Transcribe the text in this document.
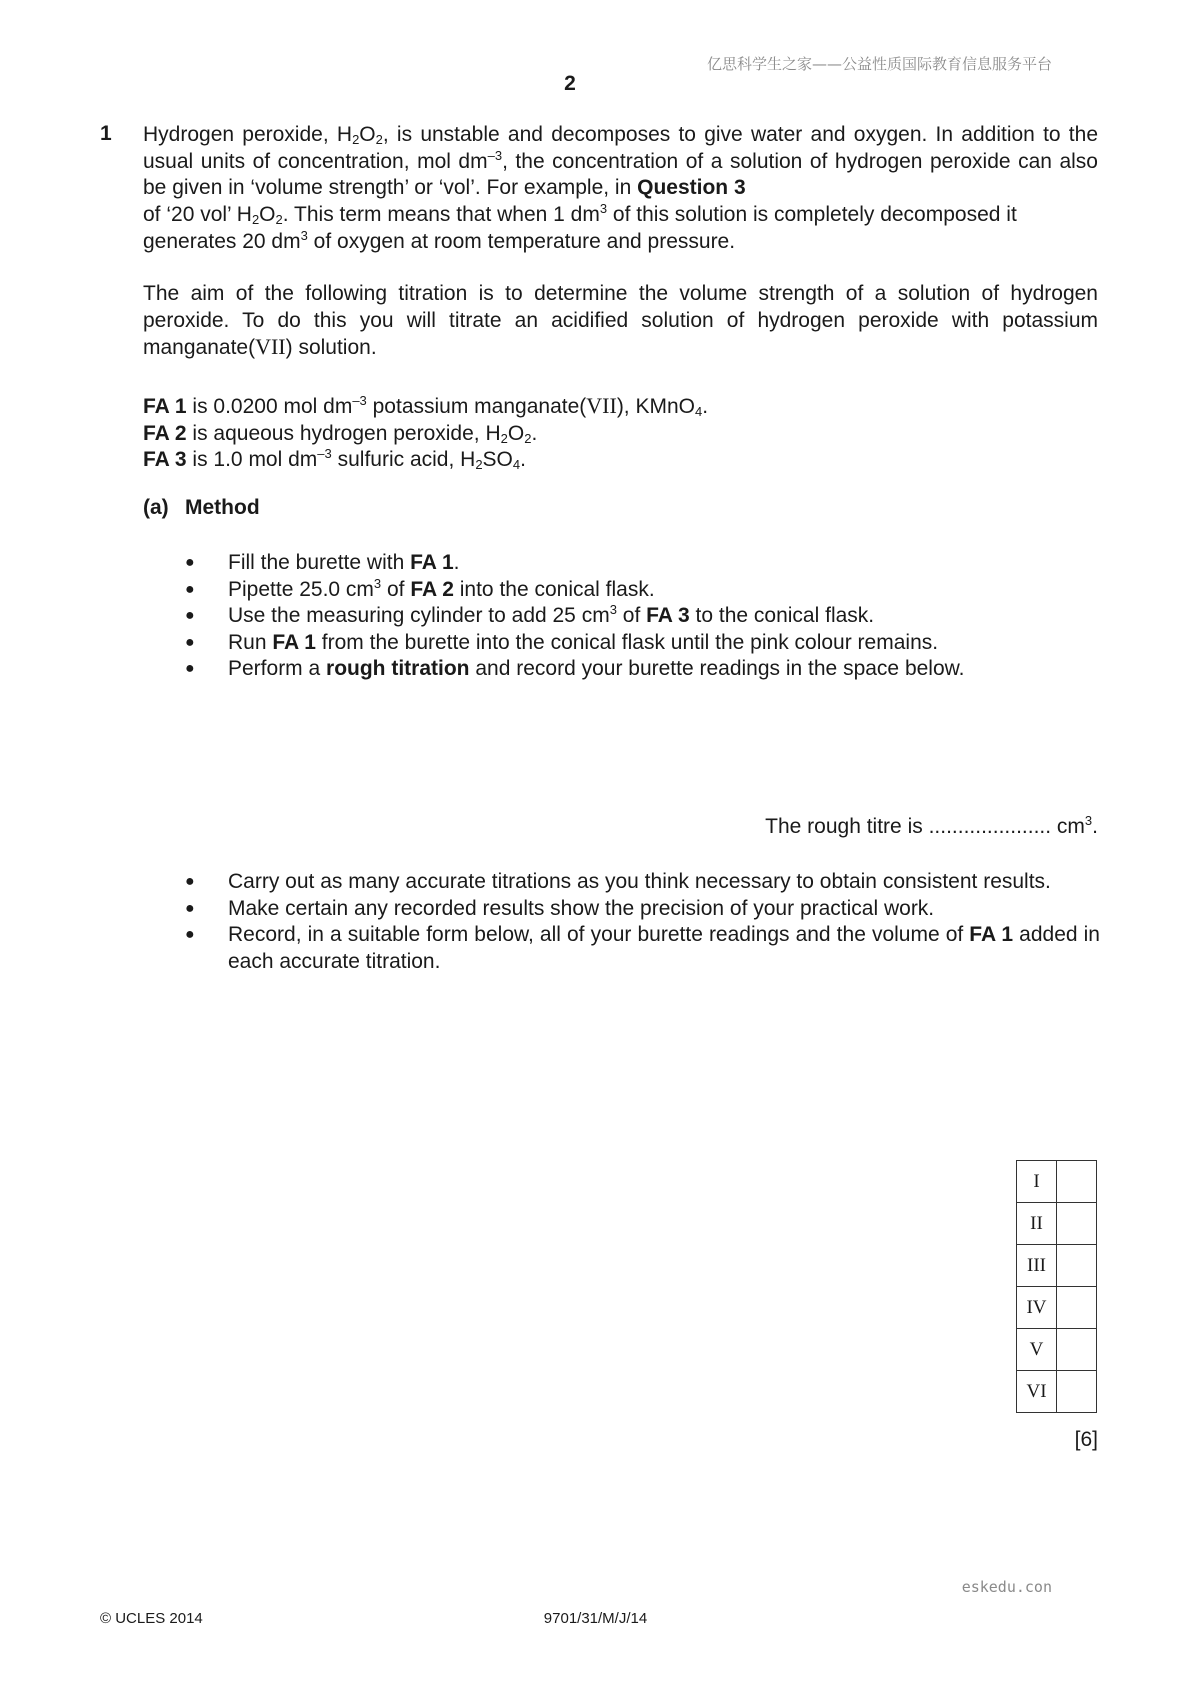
亿思科学生之家——公益性质国际教育信息服务平台
2
1 Hydrogen peroxide, $H_2O_2$, is unstable and decomposes to give water and oxygen. In addition to the usual units of concentration, mol $dm^{-3}$, the concentration of a solution of hydrogen peroxide can also be given in ‘volume strength’ or ‘vol’. For example, in Question 3
of ‘20 vol’ $H_2O_2$. This term means that when 1 $dm^3$ of this solution is completely decomposed it
generates 20 $dm^3$ of oxygen at room temperature and pressure.
The aim of the following titration is to determine the volume strength of a solution of hydrogen peroxide. To do this you will titrate an acidified solution of hydrogen peroxide with potassium manganate(VII) solution.
FA 1 is 0.0200 mol $dm^{-3}$ potassium manganate(VII), KMnO$_4$.
FA 2 is aqueous hydrogen peroxide, $H_2O_2$.
FA 3 is 1.0 mol $dm^{-3}$ sulfuric acid, $H_2SO_4$.
(a) Method
● Fill the burette with FA 1.
● Pipette 25.0 $cm^3$ of FA 2 into the conical flask.
● Use the measuring cylinder to add 25 $cm^3$ of FA 3 to the conical flask.
● Run FA 1 from the burette into the conical flask until the pink colour remains.
● Perform a rough titration and record your burette readings in the space below.
The rough titre is ..................... $cm^3$.
● Carry out as many accurate titrations as you think necessary to obtain consistent results.
● Make certain any recorded results show the precision of your practical work.
● Record, in a suitable form below, all of your burette readings and the volume of FA 1 added in each accurate titration.
I	
II	
III	
IV	
V	
VI	
[6]
eskedu.con
© UCLES 2014	9701/31/M/J/14
